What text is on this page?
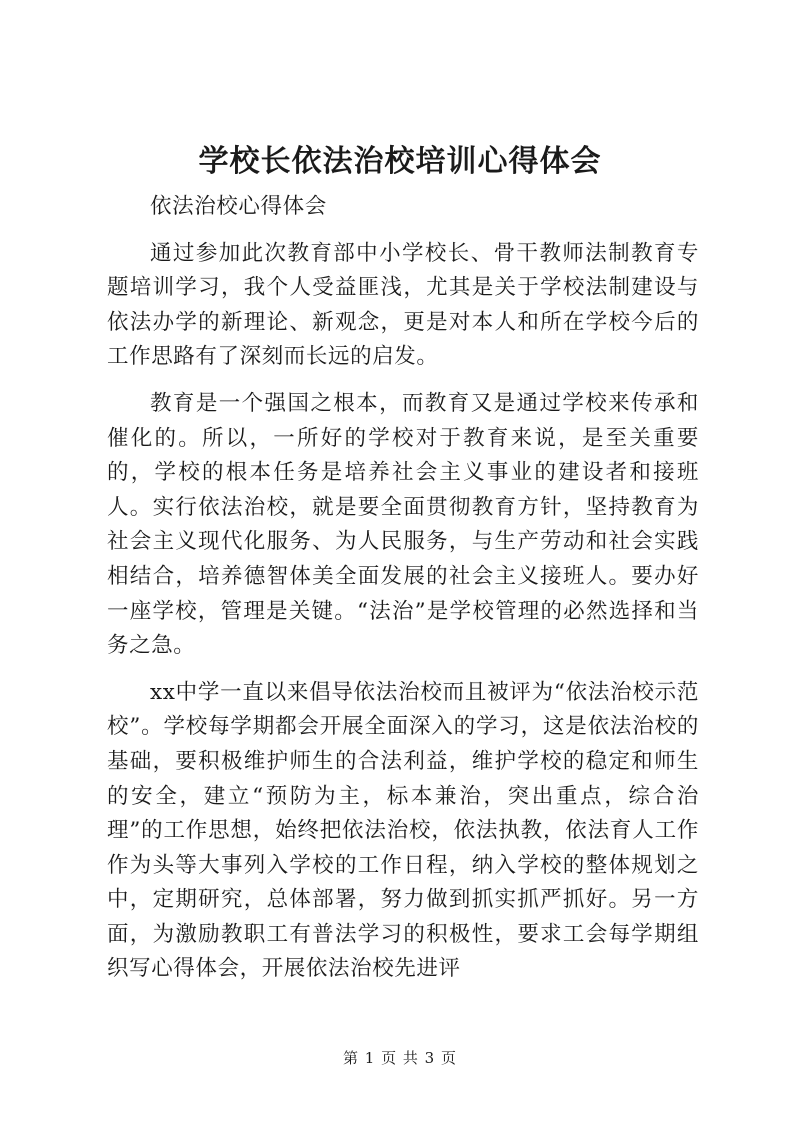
学校长依法治校培训心得体会

依法治校心得体会

通过参加此次教育部中小学校长、骨干教师法制教育专题培训学习，我个人受益匪浅，尤其是关于学校法制建设与依法办学的新理论、新观念，更是对本人和所在学校今后的工作思路有了深刻而长远的启发。

教育是一个强国之根本，而教育又是通过学校来传承和催化的。所以，一所好的学校对于教育来说，是至关重要的，学校的根本任务是培养社会主义事业的建设者和接班人。实行依法治校，就是要全面贯彻教育方针，坚持教育为社会主义现代化服务、为人民服务，与生产劳动和社会实践相结合，培养德智体美全面发展的社会主义接班人。要办好一座学校，管理是关键。“法治”是学校管理的必然选择和当务之急。

xx中学一直以来倡导依法治校而且被评为“依法治校示范校”。学校每学期都会开展全面深入的学习，这是依法治校的基础，要积极维护师生的合法利益，维护学校的稳定和师生的安全，建立“预防为主，标本兼治，突出重点，综合治理”的工作思想，始终把依法治校，依法执教，依法育人工作作为头等大事列入学校的工作日程，纳入学校的整体规划之中，定期研究，总体部署，努力做到抓实抓严抓好。另一方面，为激励教职工有普法学习的积极性，要求工会每学期组织写心得体会，开展依法治校先进评

第 1 页 共 3 页
